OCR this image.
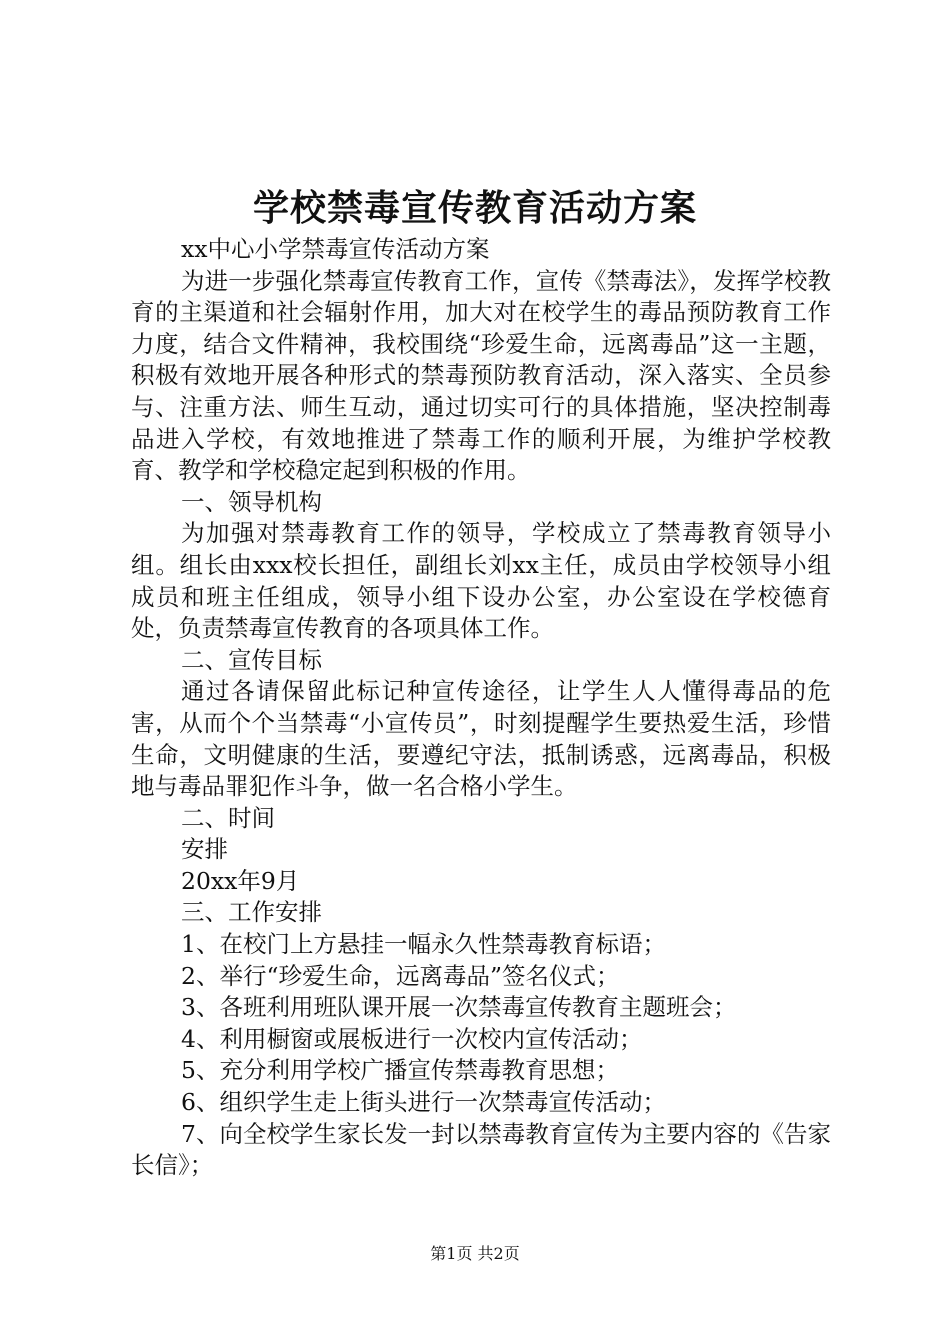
学校禁毒宣传教育活动方案

xx中心小学禁毒宣传活动方案

为进一步强化禁毒宣传教育工作，宣传《禁毒法》，发挥学校教育的主渠道和社会辐射作用，加大对在校学生的毒品预防教育工作力度，结合文件精神，我校围绕“珍爱生命，远离毒品”这一主题，积极有效地开展各种形式的禁毒预防教育活动，深入落实、全员参与、注重方法、师生互动，通过切实可行的具体措施，坚决控制毒品进入学校，有效地推进了禁毒工作的顺利开展，为维护学校教育、教学和学校稳定起到积极的作用。

一、领导机构

为加强对禁毒教育工作的领导，学校成立了禁毒教育领导小组。组长由xxx校长担任，副组长刘xx主任，成员由学校领导小组成员和班主任组成，领导小组下设办公室，办公室设在学校德育处，负责禁毒宣传教育的各项具体工作。

二、宣传目标

通过各请保留此标记种宣传途径，让学生人人懂得毒品的危害，从而个个当禁毒“小宣传员”，时刻提醒学生要热爱生活，珍惜生命，文明健康的生活，要遵纪守法，抵制诱惑，远离毒品，积极地与毒品罪犯作斗争，做一名合格小学生。

二、时间

安排

20xx年9月

三、工作安排

1、在校门上方悬挂一幅永久性禁毒教育标语；

2、举行“珍爱生命，远离毒品”签名仪式；

3、各班利用班队课开展一次禁毒宣传教育主题班会；

4、利用橱窗或展板进行一次校内宣传活动；

5、充分利用学校广播宣传禁毒教育思想；

6、组织学生走上街头进行一次禁毒宣传活动；

7、向全校学生家长发一封以禁毒教育宣传为主要内容的《告家长信》；

第1页 共2页
